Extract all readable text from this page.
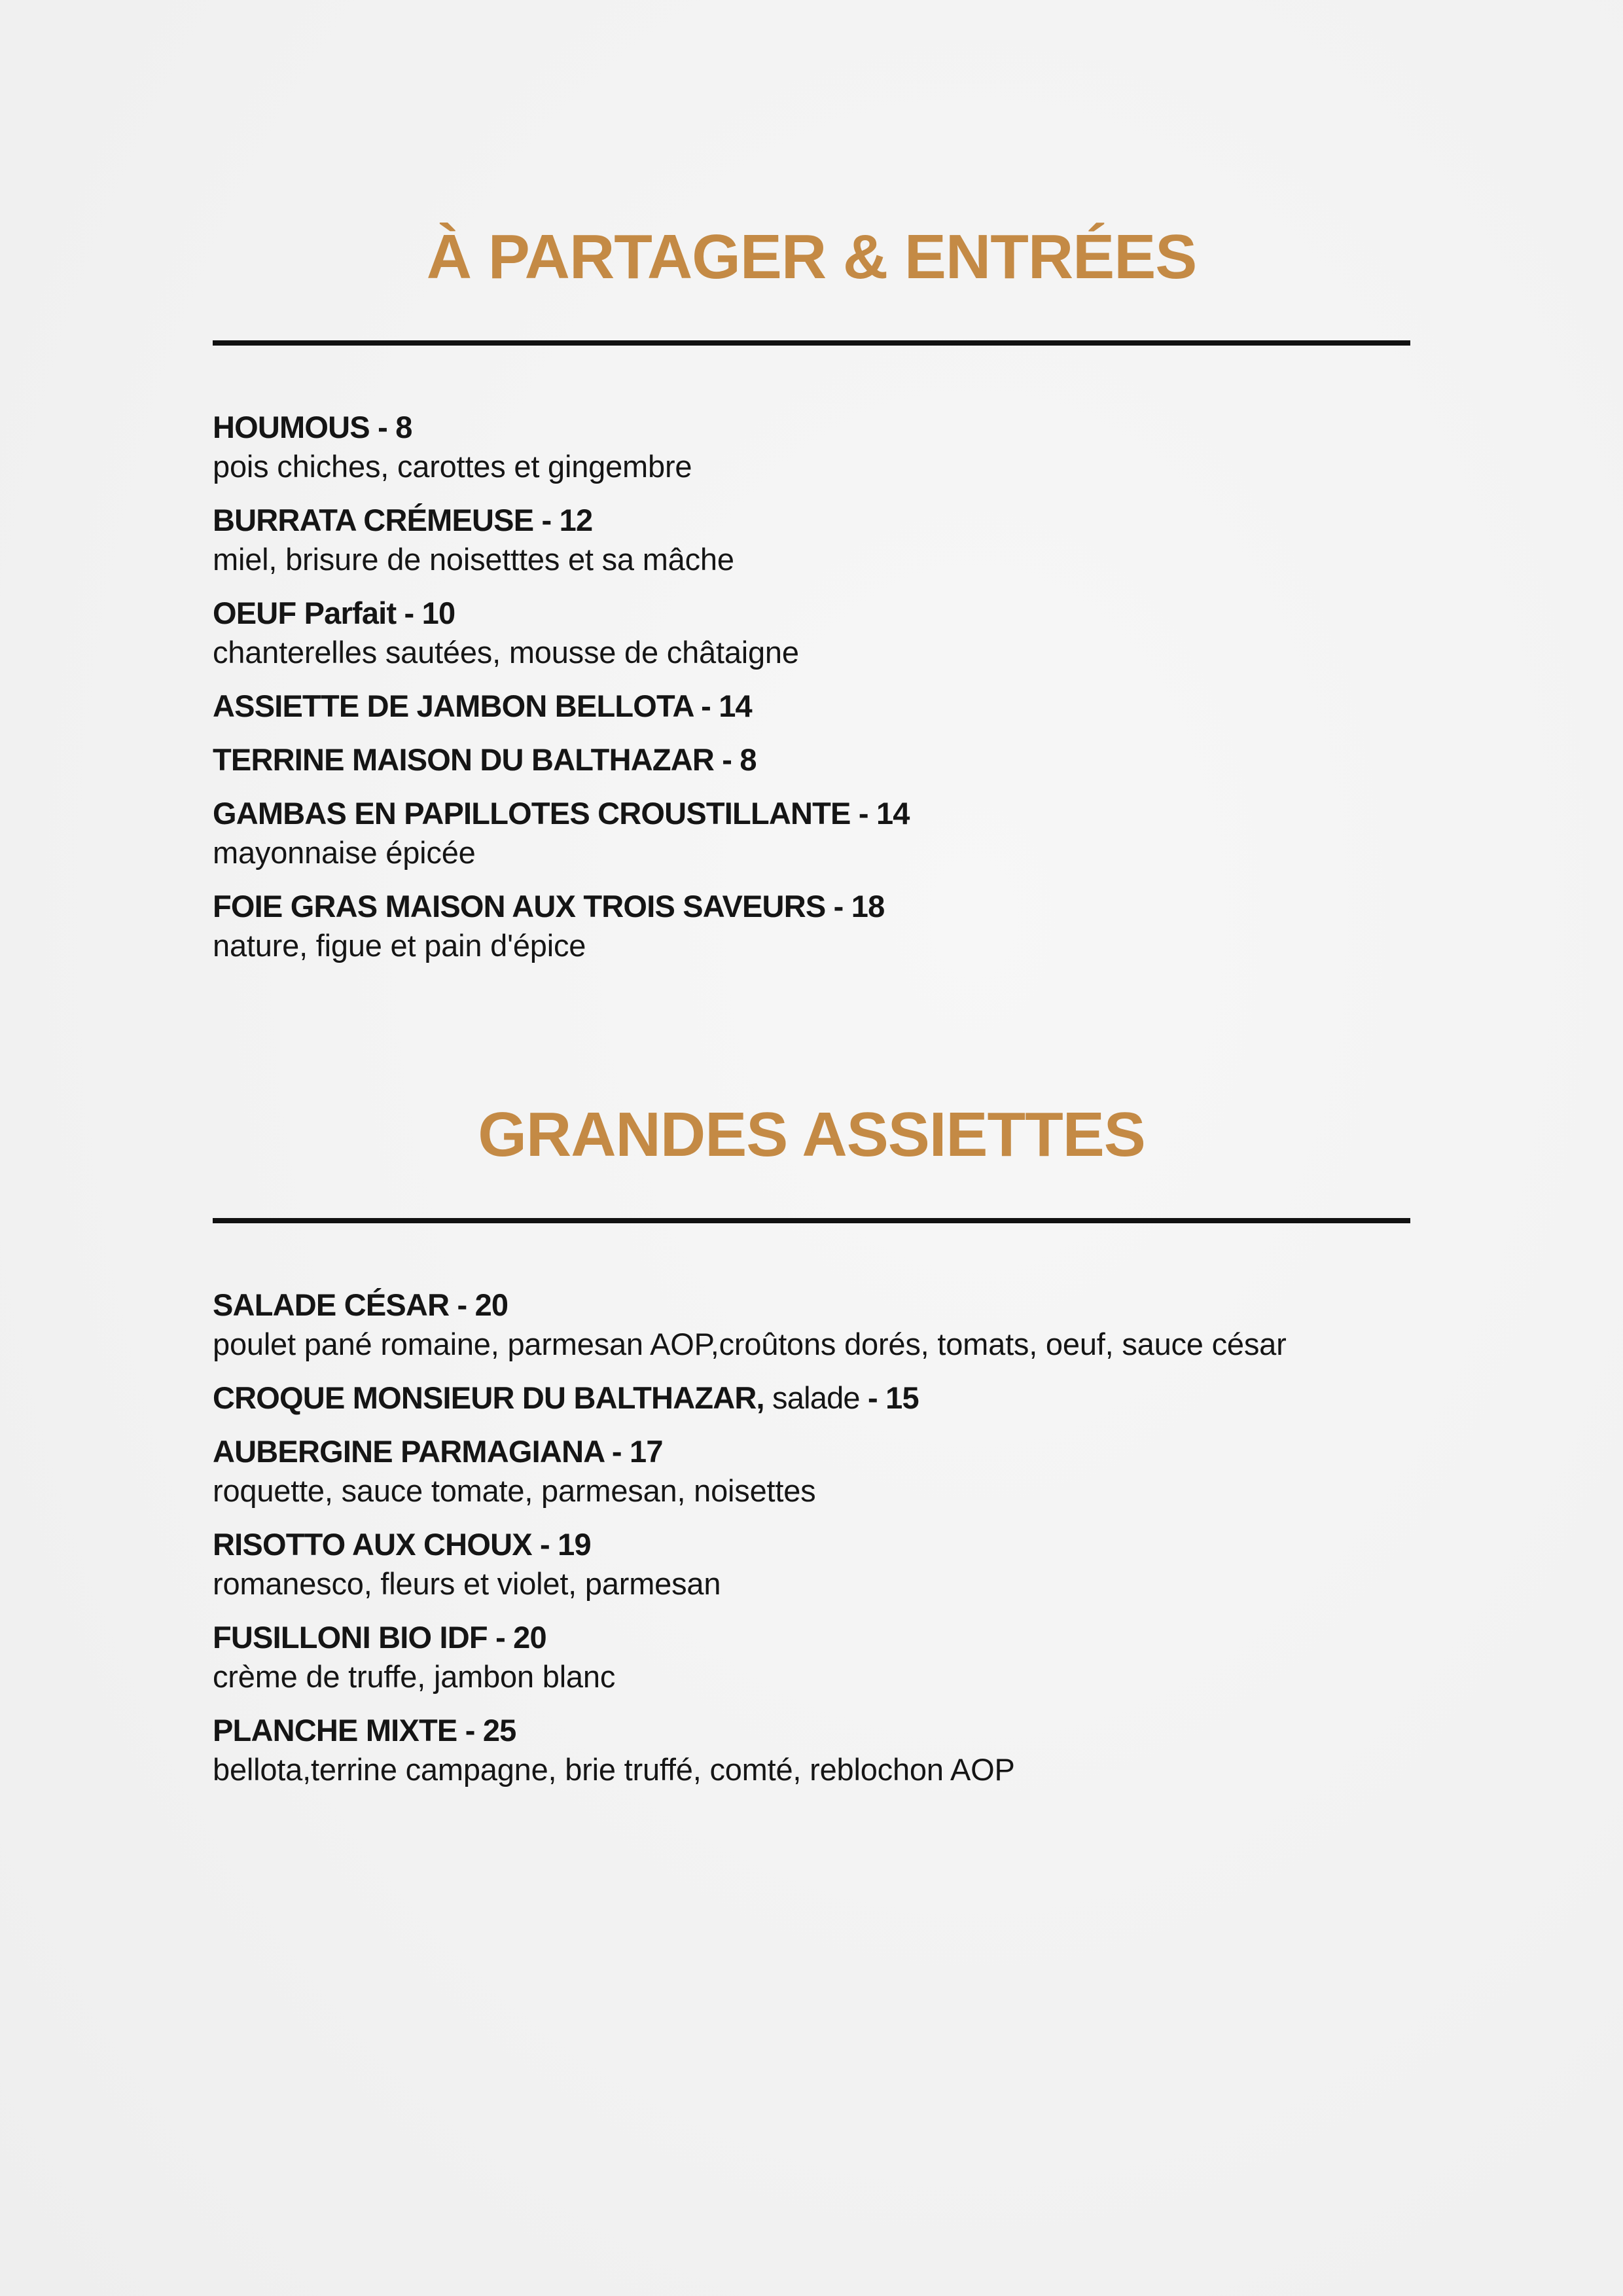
À PARTAGER & ENTRÉES
HOUMOUS - 8
pois chiches, carottes et gingembre
BURRATA CRÉMEUSE - 12
miel, brisure de noisetttes et sa mâche
OEUF Parfait - 10
chanterelles sautées, mousse de châtaigne
ASSIETTE DE JAMBON BELLOTA - 14
TERRINE MAISON DU BALTHAZAR - 8
GAMBAS EN PAPILLOTES CROUSTILLANTE - 14
mayonnaise épicée
FOIE GRAS MAISON AUX TROIS SAVEURS - 18
nature, figue et pain d'épice
GRANDES ASSIETTES
SALADE CÉSAR - 20
poulet pané romaine, parmesan AOP,croûtons dorés, tomats, oeuf, sauce césar
CROQUE MONSIEUR DU BALTHAZAR, salade - 15
AUBERGINE PARMAGIANA - 17
roquette, sauce tomate, parmesan, noisettes
RISOTTO AUX CHOUX - 19
romanesco, fleurs et violet, parmesan
FUSILLONI BIO IDF - 20
crème de truffe, jambon blanc
PLANCHE MIXTE - 25
bellota,terrine campagne, brie truffé, comté, reblochon AOP
